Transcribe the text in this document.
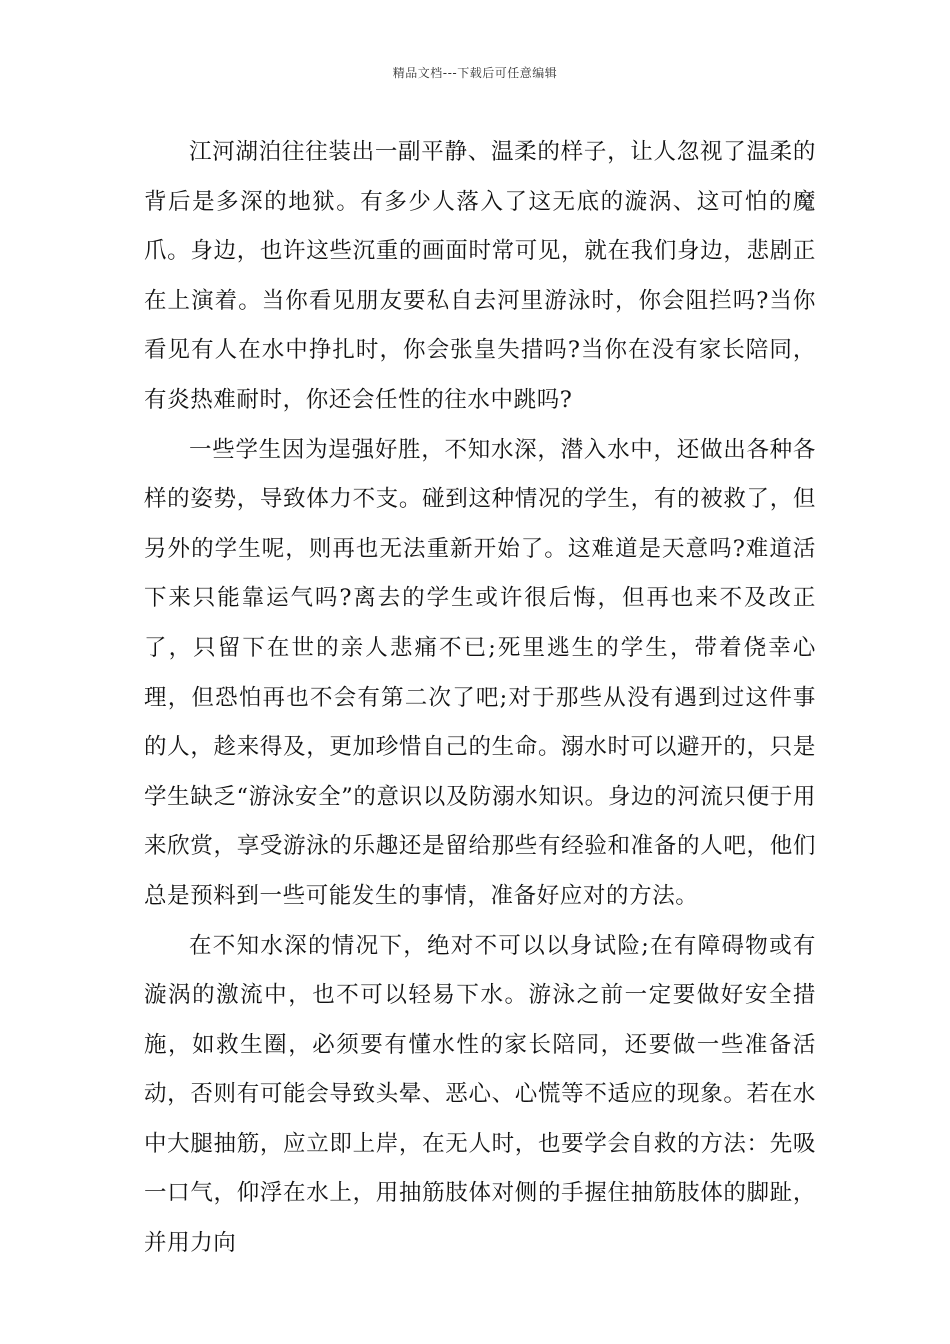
精品文档---下载后可任意编辑

江河湖泊往往装出一副平静、温柔的样子，让人忽视了温柔的背后是多深的地狱。有多少人落入了这无底的漩涡、这可怕的魔爪。身边，也许这些沉重的画面时常可见，就在我们身边，悲剧正在上演着。当你看见朋友要私自去河里游泳时，你会阻拦吗?当你看见有人在水中挣扎时，你会张皇失措吗?当你在没有家长陪同，有炎热难耐时，你还会任性的往水中跳吗?

一些学生因为逞强好胜，不知水深，潜入水中，还做出各种各样的姿势，导致体力不支。碰到这种情况的学生，有的被救了，但另外的学生呢，则再也无法重新开始了。这难道是天意吗?难道活下来只能靠运气吗?离去的学生或许很后悔，但再也来不及改正了，只留下在世的亲人悲痛不已;死里逃生的学生，带着侥幸心理，但恐怕再也不会有第二次了吧;对于那些从没有遇到过这件事的人，趁来得及，更加珍惜自己的生命。溺水时可以避开的，只是学生缺乏“游泳安全”的意识以及防溺水知识。身边的河流只便于用来欣赏，享受游泳的乐趣还是留给那些有经验和准备的人吧，他们总是预料到一些可能发生的事情，准备好应对的方法。

在不知水深的情况下，绝对不可以以身试险;在有障碍物或有漩涡的激流中，也不可以轻易下水。游泳之前一定要做好安全措施，如救生圈，必须要有懂水性的家长陪同，还要做一些准备活动，否则有可能会导致头晕、恶心、心慌等不适应的现象。若在水中大腿抽筋，应立即上岸，在无人时，也要学会自救的方法：先吸一口气，仰浮在水上，用抽筋肢体对侧的手握住抽筋肢体的脚趾，并用力向
